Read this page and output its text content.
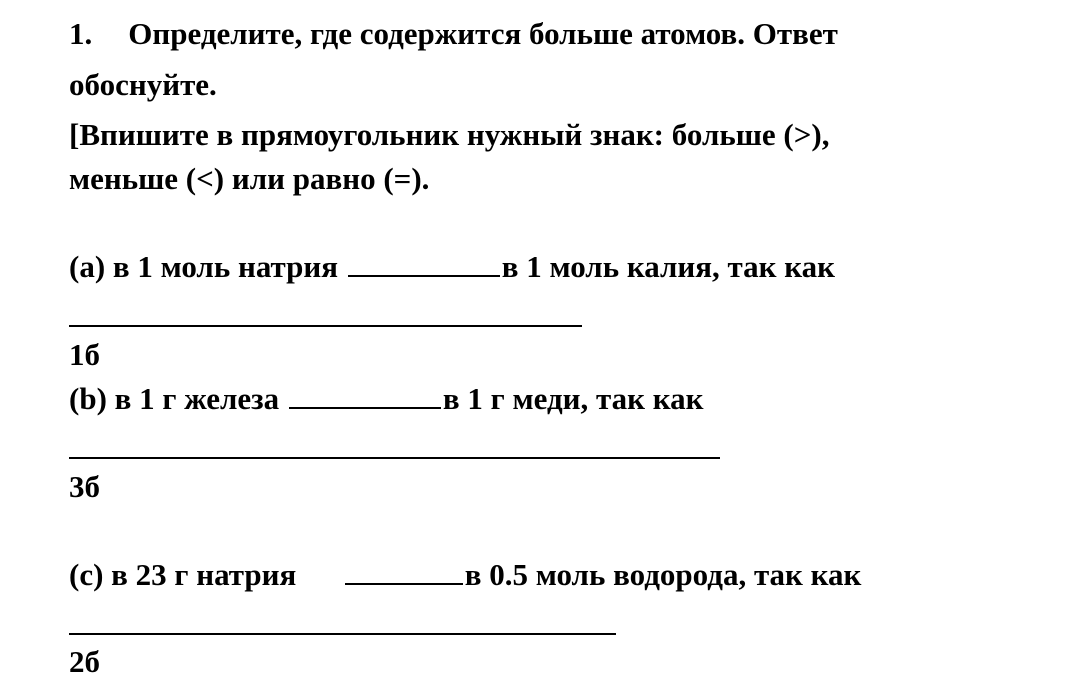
1. Определите, где содержится больше атомов. Ответ
обоснуйте.
[Впишите в прямоугольник нужный знак: больше (>),
меньше (<) или равно (=).
(a) в 1 моль натрия	в 1 моль калия, так как
1б
(b) в 1 г железа	в 1 г меди, так как
3б
(c) в 23 г натрия	в 0.5 моль водорода, так как
2б
